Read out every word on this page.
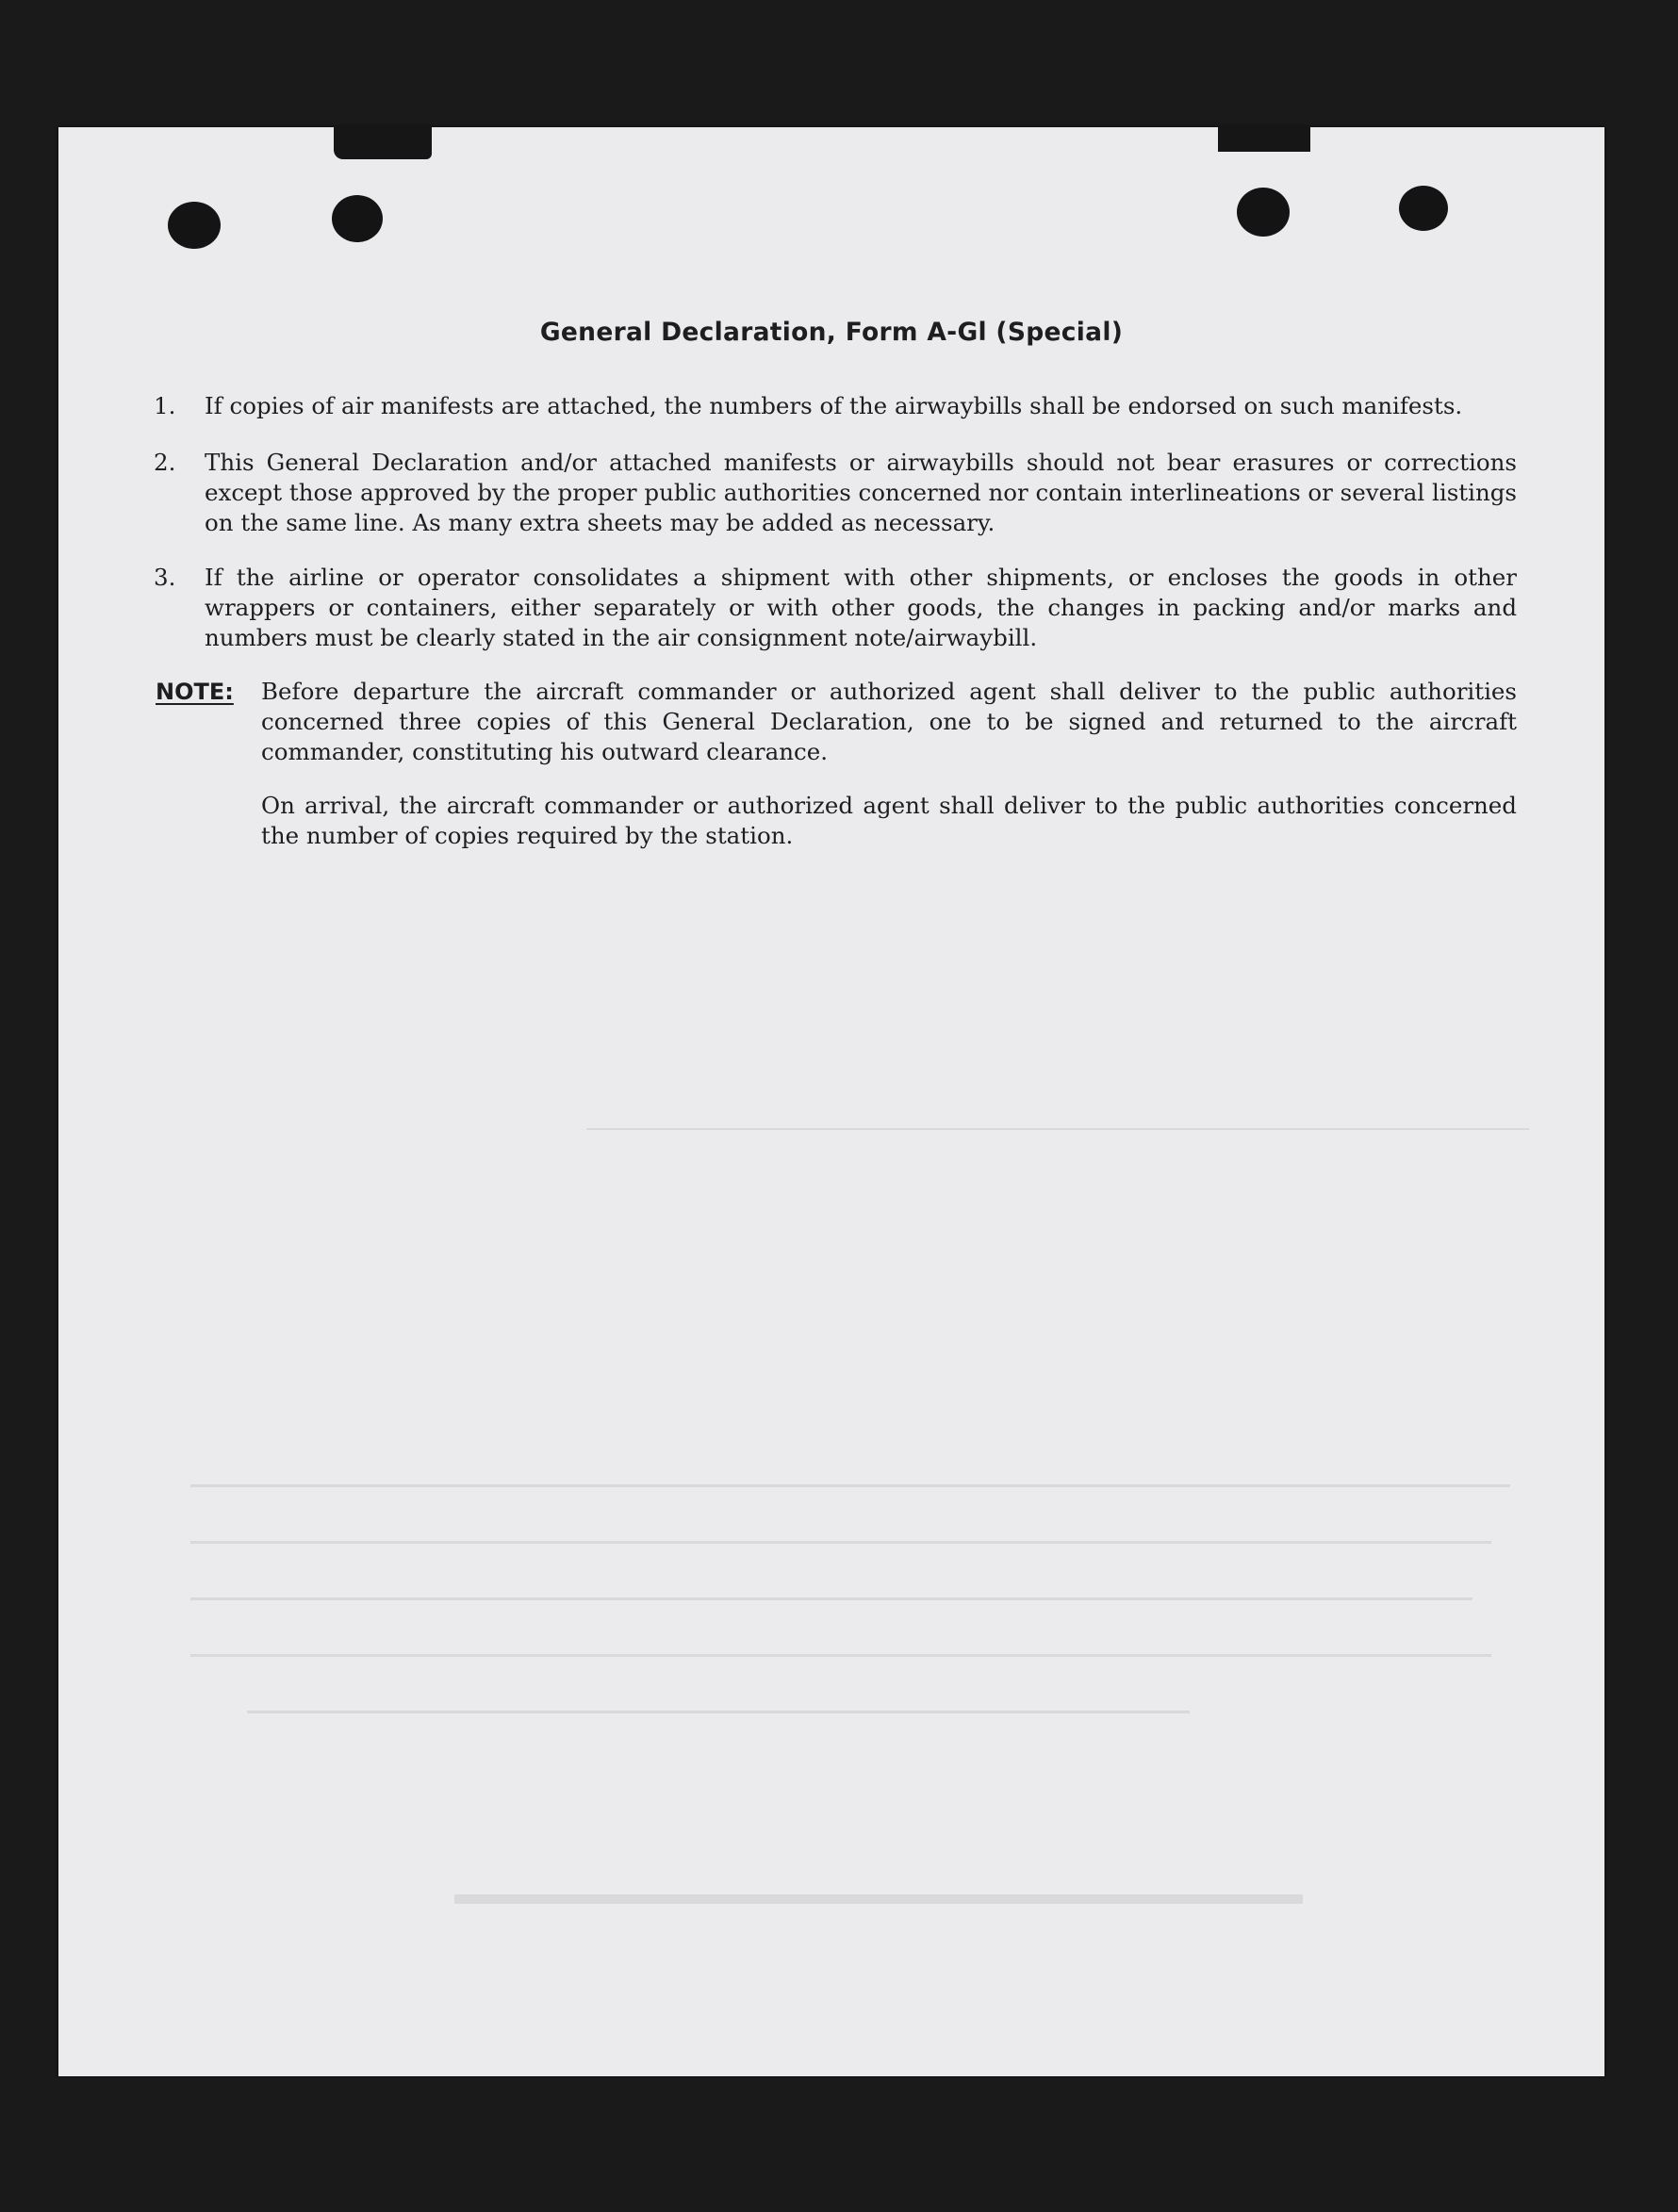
General Declaration, Form A-Gl (Special)
1. If copies of air manifests are attached, the numbers of the airwaybills shall be endorsed on such manifests.
2. This General Declaration and/or attached manifests or airwaybills should not bear erasures or corrections except those approved by the proper public authorities concerned nor contain interlineations or several listings on the same line. As many extra sheets may be added as necessary.
3. If the airline or operator consolidates a shipment with other shipments, or encloses the goods in other wrappers or containers, either separately or with other goods, the changes in packing and/or marks and numbers must be clearly stated in the air consignment note/airwaybill.
NOTE: Before departure the aircraft commander or authorized agent shall deliver to the public authorities concerned three copies of this General Declaration, one to be signed and returned to the aircraft commander, constituting his outward clearance.
On arrival, the aircraft commander or authorized agent shall deliver to the public authorities concerned the number of copies required by the station.
